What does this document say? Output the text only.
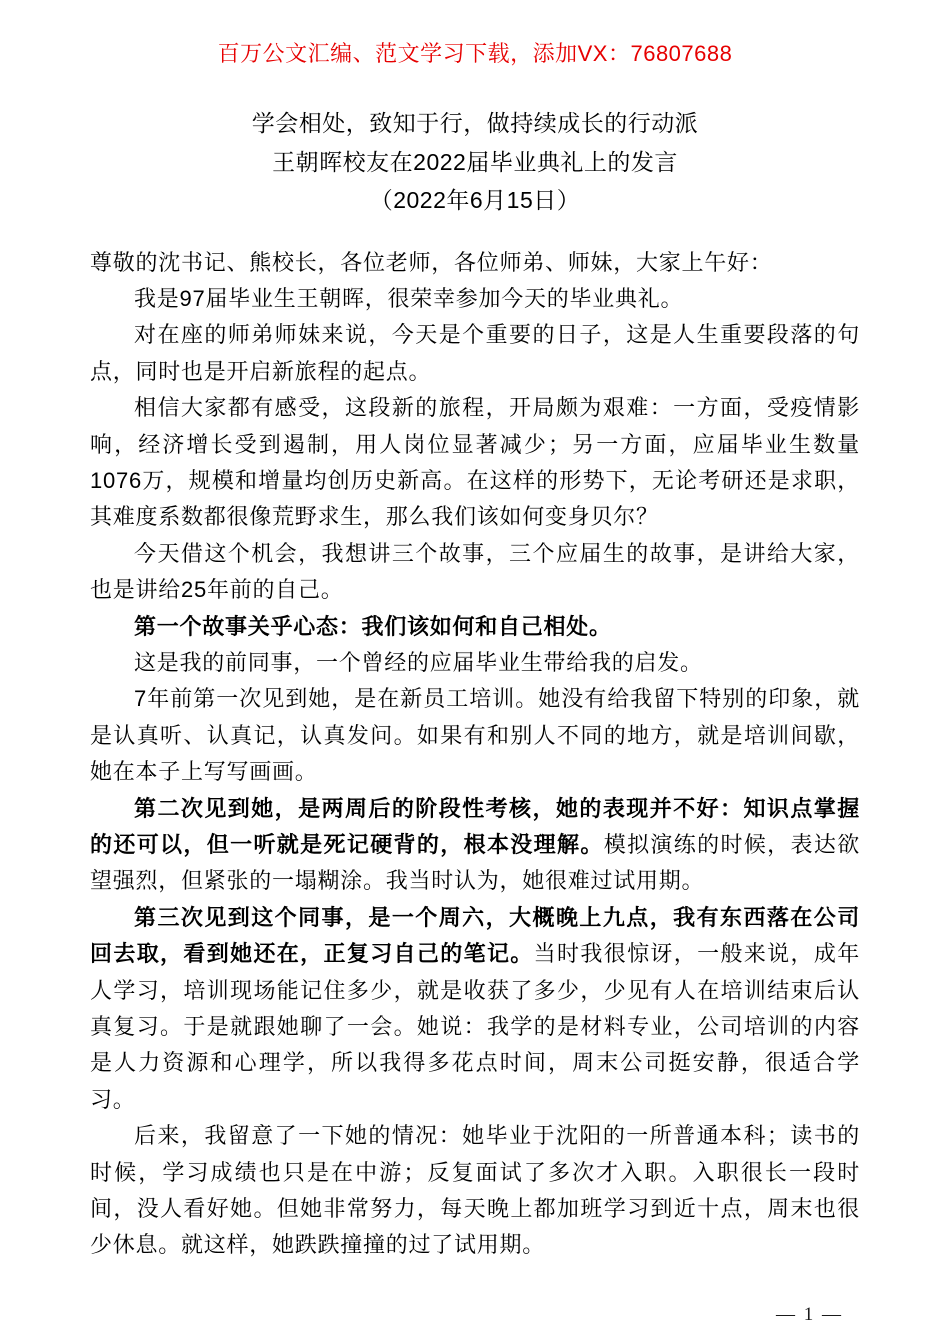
百万公文汇编、范文学习下载，添加VX：76807688
学会相处，致知于行，做持续成长的行动派
王朝晖校友在2022届毕业典礼上的发言
（2022年6月15日）

尊敬的沈书记、熊校长，各位老师，各位师弟、师妹，大家上午好：

我是97届毕业生王朝晖，很荣幸参加今天的毕业典礼。

对在座的师弟师妹来说，今天是个重要的日子，这是人生重要段落的句点，同时也是开启新旅程的起点。

相信大家都有感受，这段新的旅程，开局颇为艰难：一方面，受疫情影响，经济增长受到遏制，用人岗位显著减少；另一方面，应届毕业生数量1076万，规模和增量均创历史新高。在这样的形势下，无论考研还是求职，其难度系数都很像荒野求生，那么我们该如何变身贝尔？

今天借这个机会，我想讲三个故事，三个应届生的故事，是讲给大家，也是讲给25年前的自己。

第一个故事关乎心态：我们该如何和自己相处。

这是我的前同事，一个曾经的应届毕业生带给我的启发。

7年前第一次见到她，是在新员工培训。她没有给我留下特别的印象，就是认真听、认真记，认真发问。如果有和别人不同的地方，就是培训间歇，她在本子上写写画画。

第二次见到她，是两周后的阶段性考核，她的表现并不好：知识点掌握的还可以，但一听就是死记硬背的，根本没理解。模拟演练的时候，表达欲望强烈，但紧张的一塌糊涂。我当时认为，她很难过试用期。

第三次见到这个同事，是一个周六，大概晚上九点，我有东西落在公司回去取，看到她还在，正复习自己的笔记。当时我很惊讶，一般来说，成年人学习，培训现场能记住多少，就是收获了多少，少见有人在培训结束后认真复习。于是就跟她聊了一会。她说：我学的是材料专业，公司培训的内容是人力资源和心理学，所以我得多花点时间，周末公司挺安静，很适合学习。

后来，我留意了一下她的情况：她毕业于沈阳的一所普通本科；读书的时候，学习成绩也只是在中游；反复面试了多次才入职。入职很长一段时间，没人看好她。但她非常努力，每天晚上都加班学习到近十点，周末也很少休息。就这样，她跌跌撞撞的过了试用期。

— 1 —
